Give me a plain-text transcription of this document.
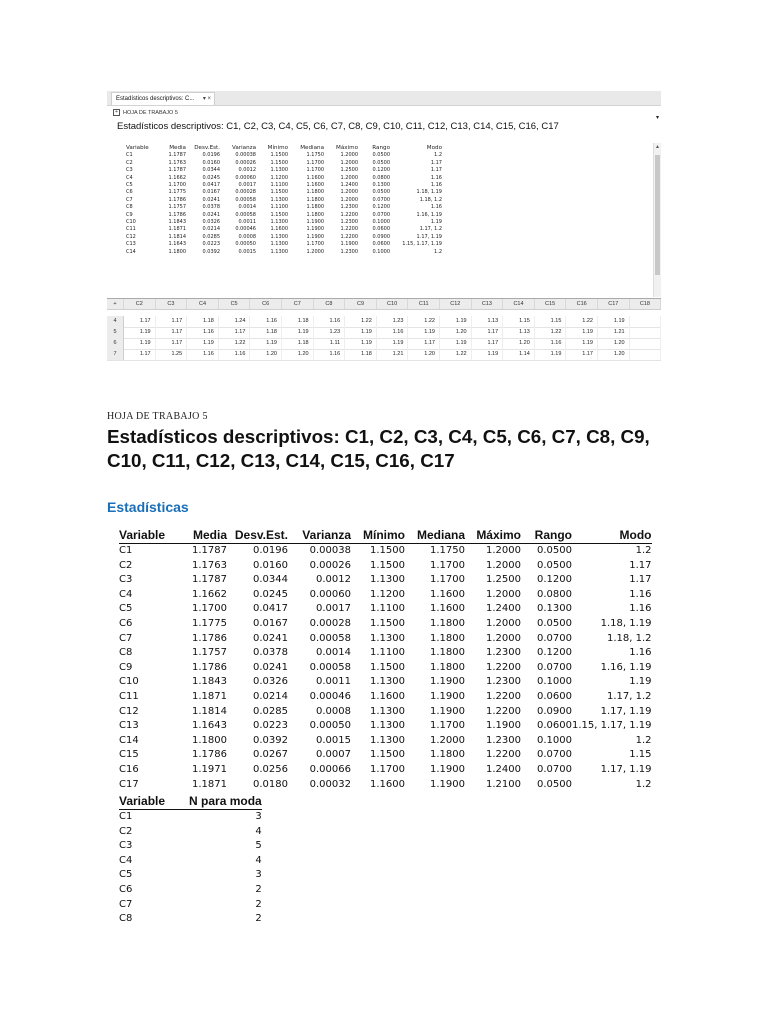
Estadísticos descriptivos: C... ▾ ×
+ HOJA DE TRABAJO 5
Estadísticos descriptivos: C1, C2, C3, C4, C5, C6, C7, C8, C9, C10, C11, C12, C13, C14, C15, C16, C17
▾
Variable	Media	Desv.Est.	Varianza	Mínimo	Mediana	Máximo	Rango	Modo
C1	1.1787	0.0196	0.00038	1.1500	1.1750	1.2000	0.0500	1.2
C2	1.1763	0.0160	0.00026	1.1500	1.1700	1.2000	0.0500	1.17
C3	1.1787	0.0344	0.0012	1.1300	1.1700	1.2500	0.1200	1.17
C4	1.1662	0.0245	0.00060	1.1200	1.1600	1.2000	0.0800	1.16
C5	1.1700	0.0417	0.0017	1.1100	1.1600	1.2400	0.1300	1.16
C6	1.1775	0.0167	0.00028	1.1500	1.1800	1.2000	0.0500	1.18, 1.19
C7	1.1786	0.0241	0.00058	1.1300	1.1800	1.2000	0.0700	1.18, 1.2
C8	1.1757	0.0378	0.0014	1.1100	1.1800	1.2300	0.1200	1.16
C9	1.1786	0.0241	0.00058	1.1500	1.1800	1.2200	0.0700	1.16, 1.19
C10	1.1843	0.0326	0.0011	1.1300	1.1900	1.2300	0.1000	1.19
C11	1.1871	0.0214	0.00046	1.1600	1.1900	1.2200	0.0600	1.17, 1.2
C12	1.1814	0.0285	0.0008	1.1300	1.1900	1.2200	0.0900	1.17, 1.19
C13	1.1643	0.0223	0.00050	1.1300	1.1700	1.1900	0.0600	1.15, 1.17, 1.19
C14	1.1800	0.0392	0.0015	1.1300	1.2000	1.2300	0.1000	1.2
▲
+	C2	C3	C4	C5	C6	C7	C8	C9	C10	C11	C12	C13	C14	C15	C16	C17	C18
4	1.17	1.17	1.18	1.24	1.16	1.18	1.16	1.22	1.23	1.22	1.19	1.13	1.15	1.15	1.22	1.19
5	1.19	1.17	1.16	1.17	1.18	1.19	1.23	1.19	1.16	1.19	1.20	1.17	1.13	1.22	1.19	1.21
6	1.19	1.17	1.19	1.22	1.19	1.18	1.11	1.19	1.19	1.17	1.19	1.17	1.20	1.16	1.19	1.20
7	1.17	1.25	1.16	1.16	1.20	1.20	1.16	1.18	1.21	1.20	1.22	1.19	1.14	1.19	1.17	1.20
HOJA DE TRABAJO 5
Estadísticos descriptivos: C1, C2, C3, C4, C5, C6, C7, C8, C9, C10, C11, C12, C13, C14, C15, C16, C17
Estadísticas
Variable	Media	Desv.Est.	Varianza	Mínimo	Mediana	Máximo	Rango	Modo
C1	1.1787	0.0196	0.00038	1.1500	1.1750	1.2000	0.0500	1.2
C2	1.1763	0.0160	0.00026	1.1500	1.1700	1.2000	0.0500	1.17
C3	1.1787	0.0344	0.0012	1.1300	1.1700	1.2500	0.1200	1.17
C4	1.1662	0.0245	0.00060	1.1200	1.1600	1.2000	0.0800	1.16
C5	1.1700	0.0417	0.0017	1.1100	1.1600	1.2400	0.1300	1.16
C6	1.1775	0.0167	0.00028	1.1500	1.1800	1.2000	0.0500	1.18, 1.19
C7	1.1786	0.0241	0.00058	1.1300	1.1800	1.2000	0.0700	1.18, 1.2
C8	1.1757	0.0378	0.0014	1.1100	1.1800	1.2300	0.1200	1.16
C9	1.1786	0.0241	0.00058	1.1500	1.1800	1.2200	0.0700	1.16, 1.19
C10	1.1843	0.0326	0.0011	1.1300	1.1900	1.2300	0.1000	1.19
C11	1.1871	0.0214	0.00046	1.1600	1.1900	1.2200	0.0600	1.17, 1.2
C12	1.1814	0.0285	0.0008	1.1300	1.1900	1.2200	0.0900	1.17, 1.19
C13	1.1643	0.0223	0.00050	1.1300	1.1700	1.1900	0.0600	1.15, 1.17, 1.19
C14	1.1800	0.0392	0.0015	1.1300	1.2000	1.2300	0.1000	1.2
C15	1.1786	0.0267	0.0007	1.1500	1.1800	1.2200	0.0700	1.15
C16	1.1971	0.0256	0.00066	1.1700	1.1900	1.2400	0.0700	1.17, 1.19
C17	1.1871	0.0180	0.00032	1.1600	1.1900	1.2100	0.0500	1.2
Variable	N para moda
C1	3
C2	4
C3	5
C4	4
C5	3
C6	2
C7	2
C8	2
